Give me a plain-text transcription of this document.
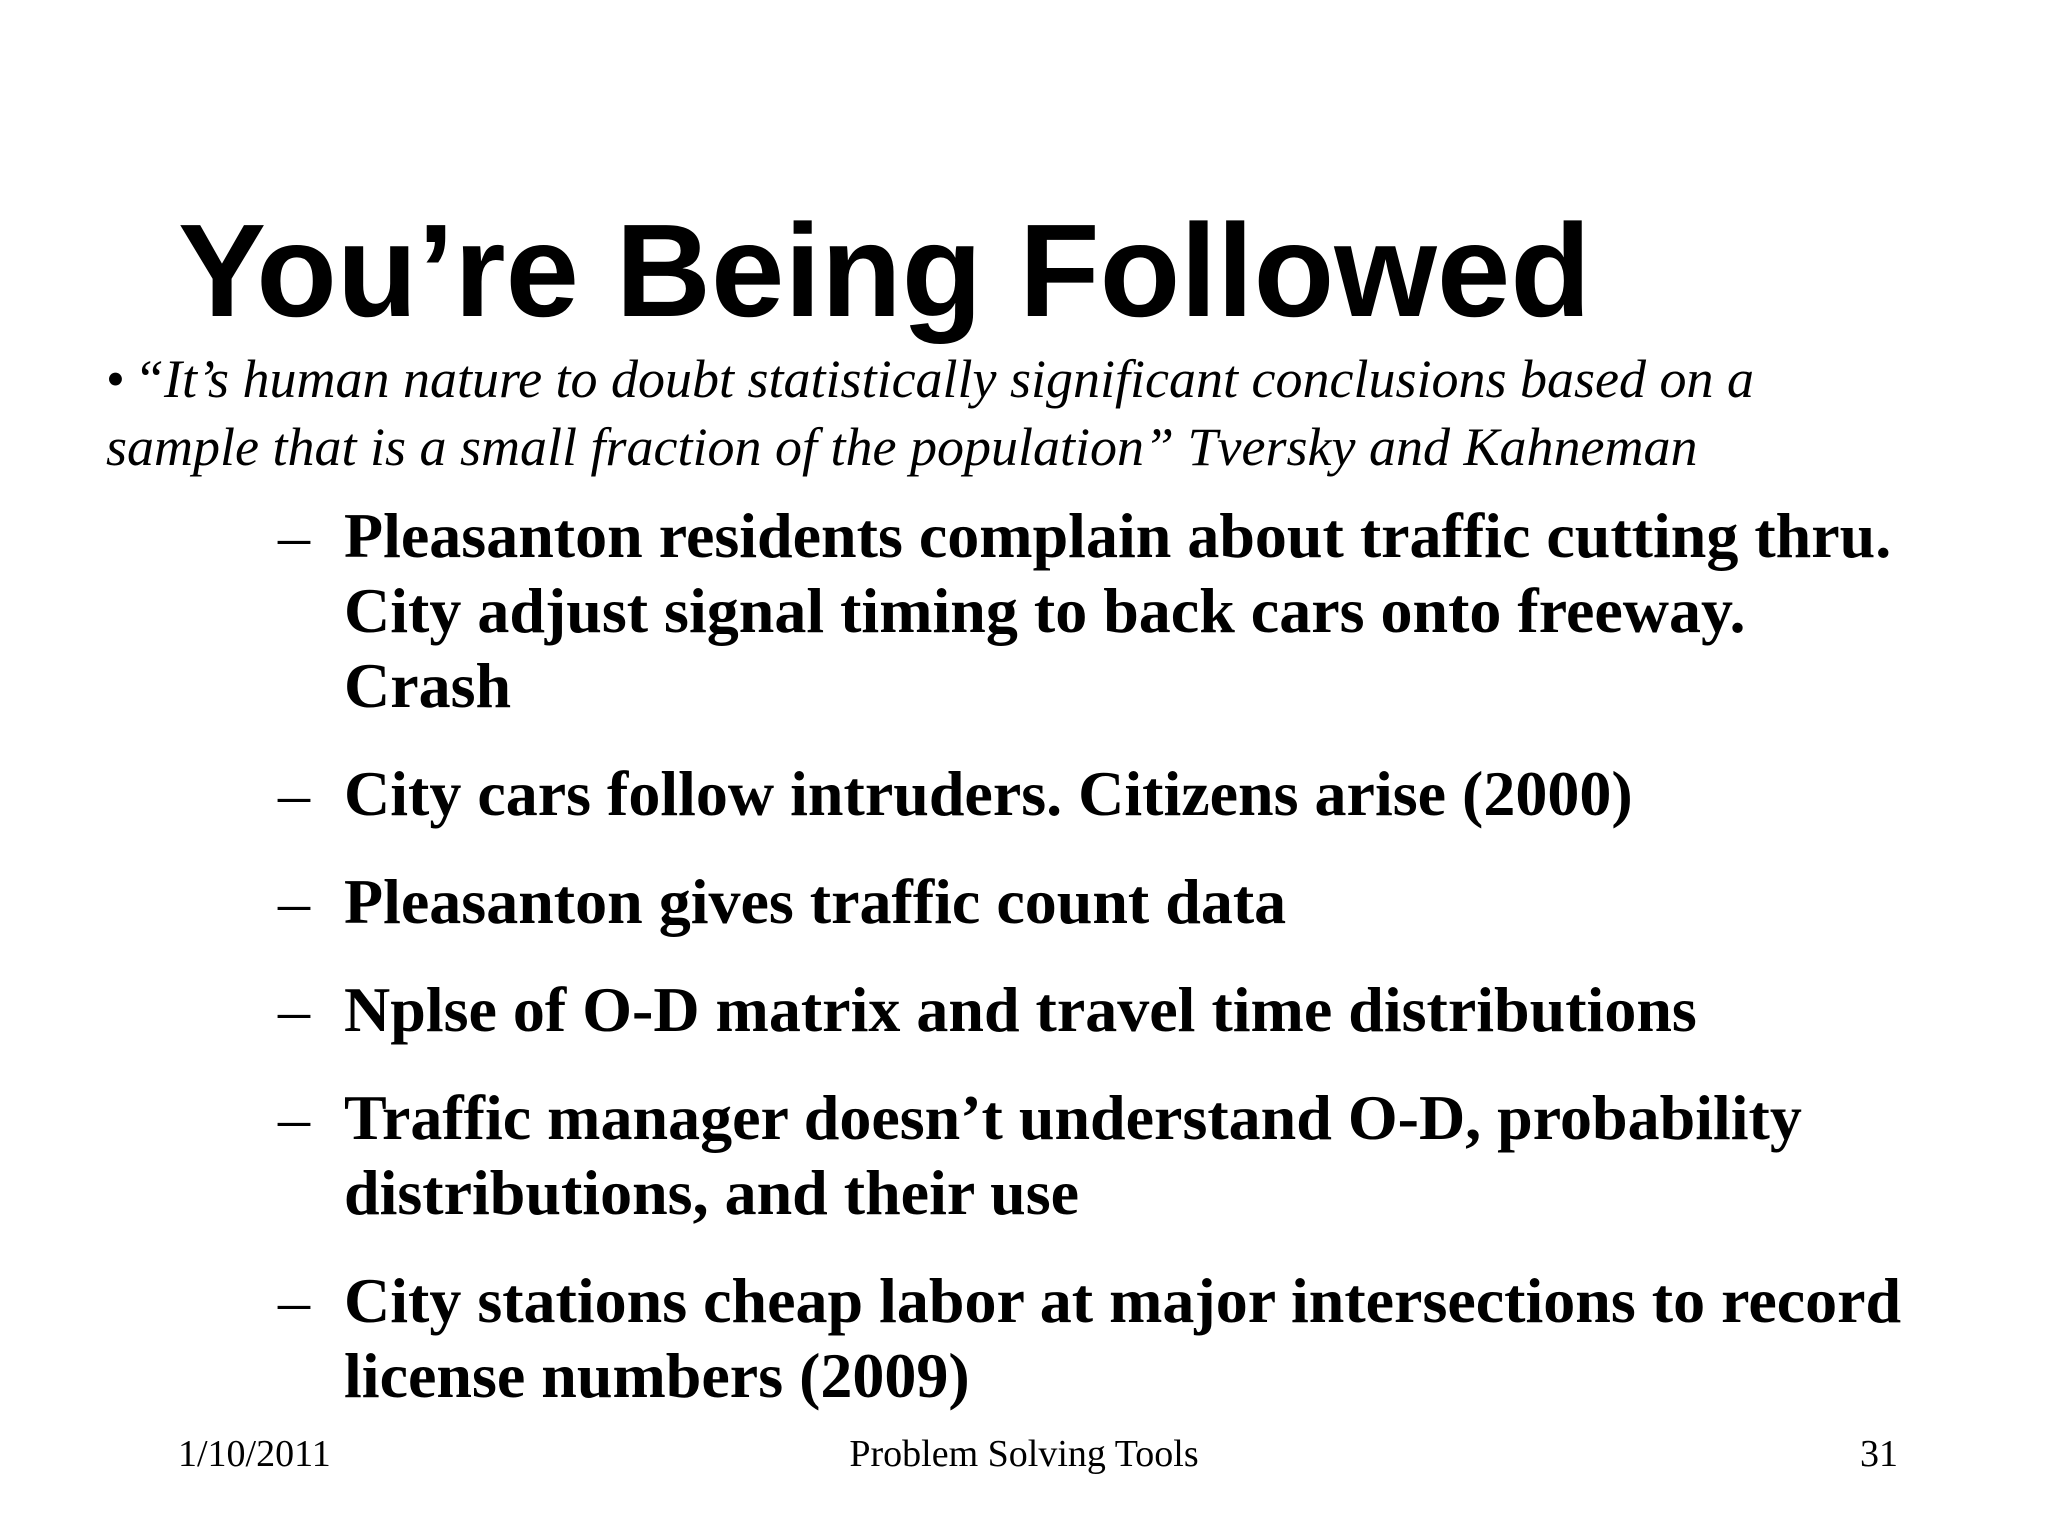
You’re Being Followed

• “It’s human nature to doubt statistically significant conclusions based on a sample that is a small fraction of the population” Tversky and Kahneman

– Pleasanton residents complain about traffic cutting thru. City adjust signal timing to back cars onto freeway. Crash
– City cars follow intruders. Citizens arise (2000)
– Pleasanton gives traffic count data
– Nplse of O-D matrix and travel time distributions
– Traffic manager doesn’t understand O-D, probability distributions, and their use
– City stations cheap labor at major intersections to record license numbers (2009)
1/10/2011	Problem Solving Tools	31
